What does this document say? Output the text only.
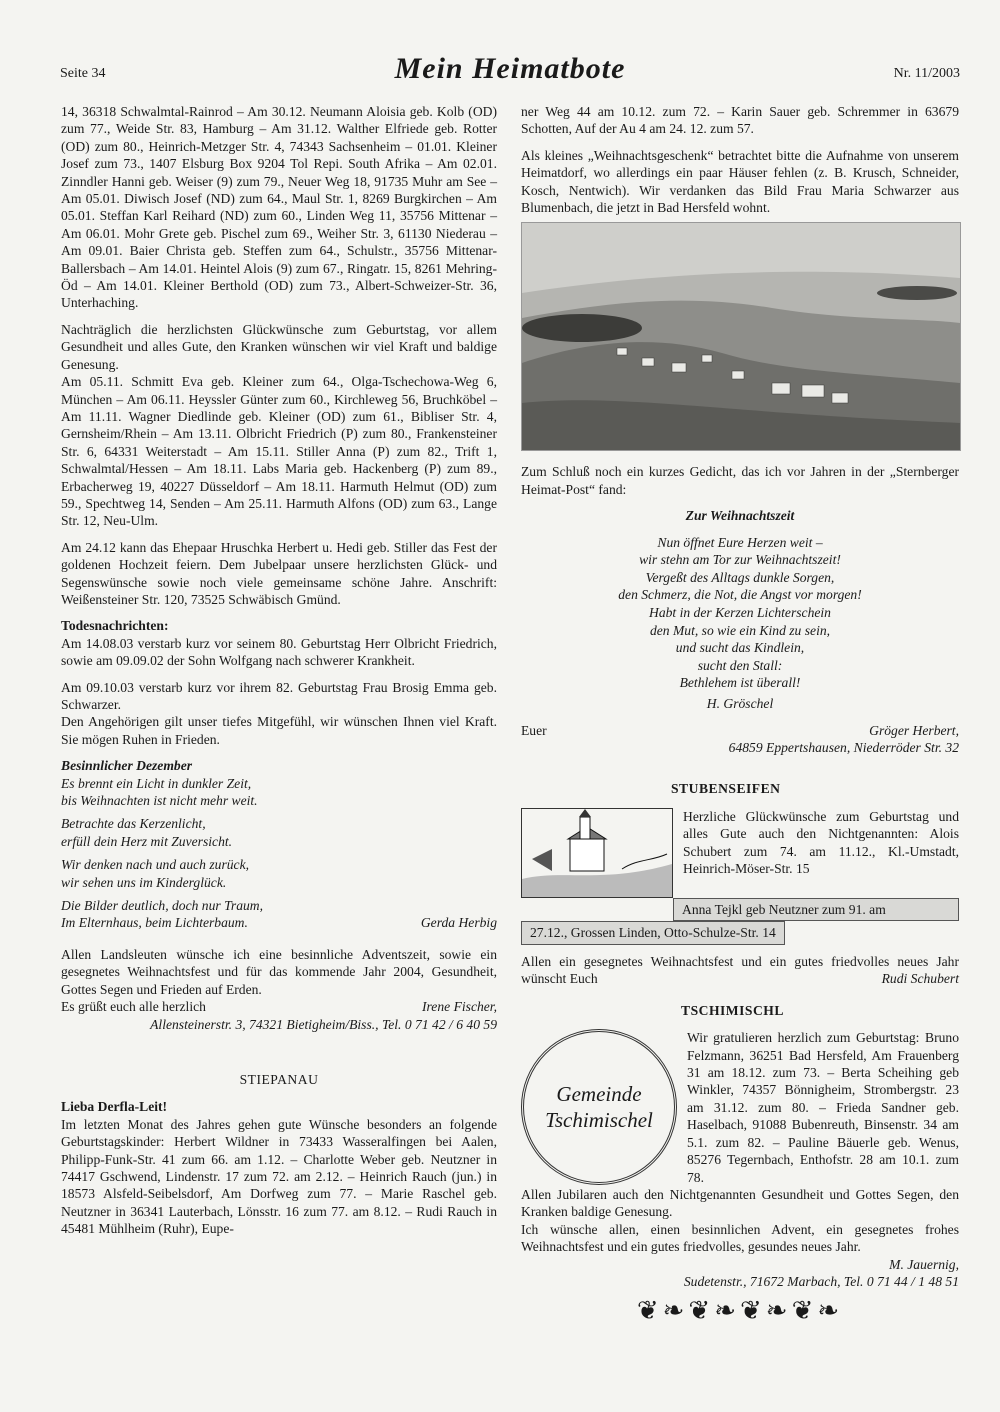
Seite 34	Mein Heimatbote	Nr. 11/2003

14, 36318 Schwalmtal-Rainrod – Am 30.12. Neumann Aloisia geb. Kolb (OD) zum 77., Weide Str. 83, Hamburg – Am 31.12. Walther Elfriede geb. Rotter (OD) zum 80., Heinrich-Metzger Str. 4, 74343 Sachsenheim – 01.01. Kleiner Josef zum 73., 1407 Elsburg Box 9204 Tol Repi. South Afrika – Am 02.01. Zinndler Hanni geb. Weiser (9) zum 79., Neuer Weg 18, 91735 Muhr am See – Am 05.01. Diwisch Josef (ND) zum 64., Maul Str. 1, 8269 Burgkirchen – Am 05.01. Steffan Karl Reihard (ND) zum 60., Linden Weg 11, 35756 Mittenar – Am 06.01. Mohr Grete geb. Pischel zum 69., Weiher Str. 3, 61130 Niederau – Am 09.01. Baier Christa geb. Steffen zum 64., Schulstr., 35756 Mittenar-Ballersbach – Am 14.01. Heintel Alois (9) zum 67., Ringatr. 15, 8261 Mehring-Öd – Am 14.01. Kleiner Berthold (OD) zum 73., Albert-Schweizer-Str. 36, Unterhaching.

Nachträglich die herzlichsten Glückwünsche zum Geburtstag, vor allem Gesundheit und alles Gute, den Kranken wünschen wir viel Kraft und baldige Genesung.

Am 05.11. Schmitt Eva geb. Kleiner zum 64., Olga-Tschechowa-Weg 6, München – Am 06.11. Heyssler Günter zum 60., Kirchleweg 56, Bruchköbel – Am 11.11. Wagner Diedlinde geb. Kleiner (OD) zum 61., Bibliser Str. 4, Gernsheim/Rhein – Am 13.11. Olbricht Friedrich (P) zum 80., Frankensteiner Str. 6, 64331 Weiterstadt – Am 15.11. Stiller Anna (P) zum 82., Trift 1, Schwalmtal/Hessen – Am 18.11. Labs Maria geb. Hackenberg (P) zum 89., Erbacherweg 19, 40227 Düsseldorf – Am 18.11. Harmuth Helmut (OD) zum 59., Spechtweg 14, Senden – Am 25.11. Harmuth Alfons (OD) zum 63., Lange Str. 12, Neu-Ulm.

Am 24.12 kann das Ehepaar Hruschka Herbert u. Hedi geb. Stiller das Fest der goldenen Hochzeit feiern. Dem Jubelpaar unsere herzlichsten Glück- und Segenswünsche sowie noch viele gemeinsame schöne Jahre. Anschrift: Weißensteiner Str. 120, 73525 Schwäbisch Gmünd.

Todesnachrichten:

Am 14.08.03 verstarb kurz vor seinem 80. Geburtstag Herr Olbricht Friedrich, sowie am 09.09.02 der Sohn Wolfgang nach schwerer Krankheit.

Am 09.10.03 verstarb kurz vor ihrem 82. Geburtstag Frau Brosig Emma geb. Schwarzer.

Den Angehörigen gilt unser tiefes Mitgefühl, wir wünschen Ihnen viel Kraft. Sie mögen Ruhen in Frieden.

Besinnlicher Dezember
Es brennt ein Licht in dunkler Zeit,
bis Weihnachten ist nicht mehr weit.
Betrachte das Kerzenlicht,
erfüll dein Herz mit Zuversicht.
Wir denken nach und auch zurück,
wir sehen uns im Kinderglück.
Die Bilder deutlich, doch nur Traum,
Im Elternhaus, beim Lichterbaum.	Gerda Herbig
Allen Landsleuten wünsche ich eine besinnliche Adventszeit, sowie ein gesegnetes Weihnachtsfest und für das kommende Jahr 2004, Gesundheit, Gottes Segen und Frieden auf Erden.
Es grüßt euch alle herzlich	Irene Fischer,
Allensteinerstr. 3, 74321 Bietigheim/Biss., Tel. 0 71 42 / 6 40 59
STIEPANAU
Lieba Derfla-Leit!
Im letzten Monat des Jahres gehen gute Wünsche besonders an folgende Geburtstagskinder: Herbert Wildner in 73433 Wasseralfingen bei Aalen, Philipp-Funk-Str. 41 zum 66. am 1.12. – Charlotte Weber geb. Neutzner in 74417 Gschwend, Lindenstr. 17 zum 72. am 2.12. – Heinrich Rauch (jun.) in 18573 Alsfeld-Seibelsdorf, Am Dorfweg zum 77. – Marie Raschel geb. Neutzner in 36341 Lauterbach, Lönsstr. 16 zum 77. am 8.12. – Rudi Rauch in 45481 Mühlheim (Ruhr), Eupe-

ner Weg 44 am 10.12. zum 72. – Karin Sauer geb. Schremmer in 63679 Schotten, Auf der Au 4 am 24. 12. zum 57.

Als kleines „Weihnachtsgeschenk“ betrachtet bitte die Aufnahme von unserem Heimatdorf, wo allerdings ein paar Häuser fehlen (z. B. Krusch, Schneider, Kosch, Nentwich). Wir verdanken das Bild Frau Maria Schwarzer aus Blumenbach, die jetzt in Bad Hersfeld wohnt.

Zum Schluß noch ein kurzes Gedicht, das ich vor Jahren in der „Sternberger Heimat-Post“ fand:

Zur Weihnachtszeit
Nun öffnet Eure Herzen weit –
wir stehn am Tor zur Weihnachtszeit!
Vergeßt des Alltags dunkle Sorgen,
den Schmerz, die Not, die Angst vor morgen!
Habt in der Kerzen Lichterschein
den Mut, so wie ein Kind zu sein,
und sucht das Kindlein,
sucht den Stall:
Bethlehem ist überall!
H. Gröschel
Euer	Gröger Herbert,
64859 Eppertshausen, Niederröder Str. 32
STUBENSEIFEN
Herzliche Glückwünsche zum Geburtstag und alles Gute auch den Nichtgenannten: Alois Schubert zum 74. am 11.12., Kl.-Umstadt, Heinrich-Möser-Str. 15
Anna Tejkl geb Neutzner zum 91. am
27.12., Grossen Linden, Otto-Schulze-Str. 14
Allen ein gesegnetes Weihnachtsfest und ein gutes friedvolles neues Jahr wünscht Euch	Rudi Schubert
TSCHIMISCHL
Gemeinde
Tschimischel
Wir gratulieren herzlich zum Geburtstag: Bruno Felzmann, 36251 Bad Hersfeld, Am Frauenberg 31 am 18.12. zum 73. – Berta Scheihing geb Winkler, 74357 Bönnigheim, Strombergstr. 23 am 31.12. zum 80. – Frieda Sandner geb. Haselbach, 91088 Bubenreuth, Binsenstr. 34 am 5.1. zum 82. – Pauline Bäuerle geb. Wenus, 85276 Tegernbach, Enthofstr. 28 am 10.1. zum 78.
Allen Jubilaren auch den Nichtgenannten Gesundheit und Gottes Segen, den Kranken baldige Genesung.
Ich wünsche allen, einen besinnlichen Advent, ein gesegnetes frohes Weihnachtsfest und ein gutes friedvolles, gesundes neues Jahr.
M. Jauernig,
Sudetenstr., 71672 Marbach, Tel. 0 71 44 / 1 48 51
❦❧❦❧❦❧❦❧
